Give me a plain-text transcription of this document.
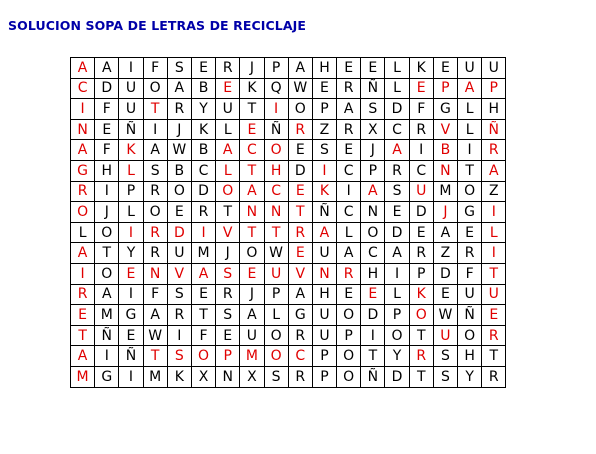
SOLUCION SOPA DE LETRAS DE RECICLAJE
A	A	I	F	S	E	R	J	P	A	H	E	E	L	K	E	U	U
C	D	U	O	A	B	E	K	Q	W	E	R	Ñ	L	E	P	A	P
I	F	U	T	R	Y	U	T	I	O	P	A	S	D	F	G	L	H
N	E	Ñ	I	J	K	L	E	Ñ	R	Z	R	X	C	R	V	L	Ñ
A	F	K	A	W	B	A	C	O	E	S	E	J	A	I	B	I	R
G	H	L	S	B	C	L	T	H	D	I	C	P	R	C	N	T	A
R	I	P	R	O	D	O	A	C	E	K	I	A	S	U	M	O	Z
O	J	L	O	E	R	T	N	N	T	Ñ	C	N	E	D	J	G	I
L	O	I	R	D	I	V	T	T	R	A	L	O	D	E	A	E	L
A	T	Y	R	U	M	J	O	W	E	U	A	C	A	R	Z	R	I
I	O	E	N	V	A	S	E	U	V	N	R	H	I	P	D	F	T
R	A	I	F	S	E	R	J	P	A	H	E	E	L	K	E	U	U
E	M	G	A	R	T	S	A	L	G	U	O	D	P	O	W	Ñ	E
T	Ñ	E	W	I	F	E	U	O	R	U	P	I	O	T	U	O	R
A	I	Ñ	T	S	O	P	M	O	C	P	O	T	Y	R	S	H	T
M	G	I	M	K	X	N	X	S	R	P	O	Ñ	D	T	S	Y	R
